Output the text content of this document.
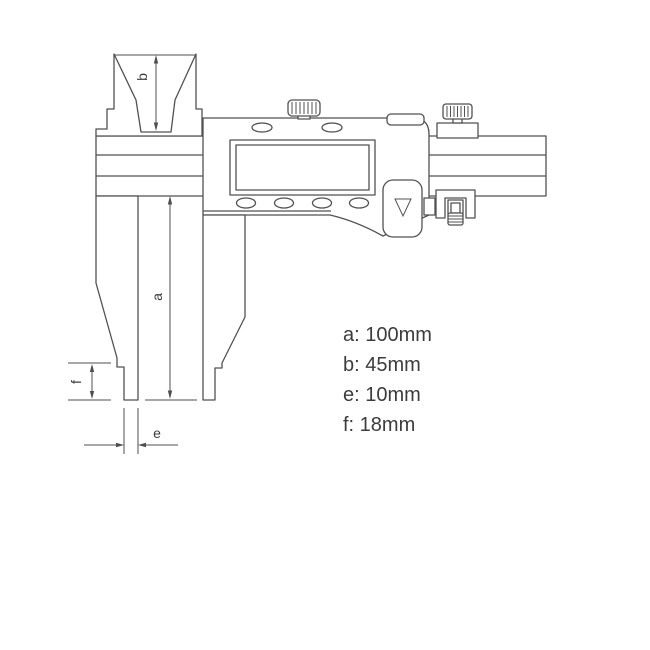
b
a
f
e
a: 100mm
b: 45mm
e: 10mm
f: 18mm
